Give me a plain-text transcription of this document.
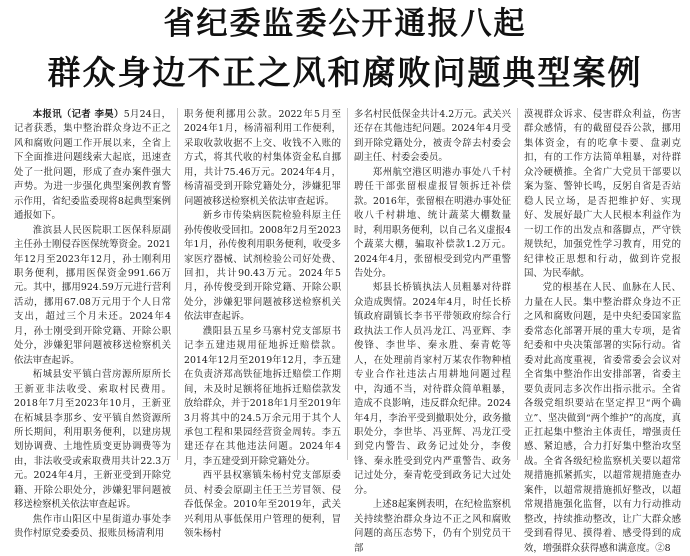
省纪委监委公开通报八起
群众身边不正之风和腐败问题典型案例

本报讯（记者 李昊）5月24日，记者获悉，集中整治群众身边不正之风和腐败问题工作开展以来，全省上下全面推进问题线索大起底，迅速查处了一批问题，形成了查办案件强大声势。为进一步强化典型案例教育警示作用，省纪委监委现将8起典型案例通报如下。

淮滨县人民医院职工医保科原副主任孙士刚侵吞医保统筹资金。2021年12月至2023年12月，孙士刚利用职务便利，挪用医保资金991.66万元。其中，挪用924.59万元进行营利活动，挪用67.08万元用于个人日常支出，超过三个月未还。2024年4月，孙士刚受到开除党籍、开除公职处分，涉嫌犯罪问题被移送检察机关依法审查起诉。

柘城县安平镇白营房源所原所长王新亚非法收受、索取村民费用。2018年7月至2023年10月，王新亚在柘城县李那乡、安平镇自然资源所所长期间，利用职务便利，以建房规划协调费、土地性质变更协调费等为由，非法收受或索取费用共计22.3万元。2024年4月，王新亚受到开除党籍、开除公职处分，涉嫌犯罪问题被移送检察机关依法审查起诉。

焦作市山阳区中星街道办事处李贵作村原党委委员、报账员杨清利用

职务便利挪用公款。2022年5月至2024年1月，杨清福利用工作便利，采取收款收据不上交、收钱不入账的方式，将其代收的村集体资金私自挪用，共计75.46万元。2024年4月，杨清福受到开除党籍处分，涉嫌犯罪问题被移送检察机关依法审查起诉。

新乡市传染病医院检验科原主任孙传俊收受回扣。2008年2月至2023年1月，孙传俊利用职务便利，收受多家医疗器械、试剂检验公司好处费、回扣，共计90.43万元。2024年5月，孙传俊受到开除党籍、开除公职处分，涉嫌犯罪问题被移送检察机关依法审查起诉。

濮阳县五星乡马寨村党支部原书记李五建违规用征地拆迁赔偿款。2014年12月至2019年12月，李五建在负责济郑高铁征地拆迁赔偿工作期间，未及时足额将征地拆迁赔偿款发放给群众，并于2018年1月至2019年3月将其中的24.5万余元用于其个人承包工程和果园经营资金周转。李五建还存在其他违法问题。2024年4月，李五建受到开除党籍处分。

西平县权寨镇朱杨村党支部原委员、村委会原副主任王兰芳冒领、侵吞低保金。2010年至2019年，武关兴利用从事低保用户管理的便利，冒领朱杨村

多名村民低保金共计4.2万元。武关兴还存在其他违纪问题。2024年4月受到开除党籍处分，被责令辞去村委会副主任、村委会委员。

郑州航空港区明港办事处八千村聘任干部张留根虚报冒领拆迁补偿款。2016年，张留根在明港办事处征收八千村耕地、统计蔬菜大棚数量时，利用职务便利，以自己名义虚报4个蔬菜大棚，骗取补偿款1.2万元。2024年4月，张留根受到党内严重警告处分。

郏县长桥镇执法人员粗暴对待群众造成舆情。2024年4月，时任长桥镇政府副镇长李书平带领政府综合行政执法工作人员冯龙江、冯亚辉、李俊锋、李世毕、秦永胜、秦青乾等人，在处理前肖家村万某农作物种植专业合作社违法占用耕地问题过程中，沟通不当，对待群众简单粗暴，造成不良影响，违反群众纪律。2024年4月，李治平受到撤职处分，政务撤职处分，李世毕、冯亚辉、冯龙江受到党内警告、政务记过处分，李俊锋、秦永胜受到党内严重警告、政务记过处分，秦青乾受到政务记大过处分。

上述8起案例表明，在纪检监察机关持续整治群众身边不正之风和腐败问题的高压态势下，仍有个别党员干部

漠视群众诉求、侵害群众利益，伤害群众感情，有的截留侵吞公款，挪用集体资金，有的吃拿卡要、盘剥克扣，有的工作方法简单粗暴，对待群众冷硬横推。全省广大党员干部要以案为鉴、警钟长鸣，反躬自省是否站稳人民立场，是否把维护好、实现好、发展好最广大人民根本利益作为一切工作的出发点和落脚点，严守铁规铁纪，加强党性学习教育，用党的纪律校正思想和行动，做到许党报国、为民奉献。

党的根基在人民、血脉在人民、力量在人民。集中整治群众身边不正之风和腐败问题，是中央纪委国家监委常态化部署开展的重大专项，是省纪委和中央决策部署的实际行动。省委对此高度重视，省委常委会会议对全省集中整治作出安排部署，省委主要负责同志多次作出指示批示。全省各级党组织要站在坚定捍卫“两个确立”、坚决做到“两个维护”的高度，真正扛起集中整治主体责任，增强责任感、紧迫感，合力打好集中整治攻坚战。全省各级纪检监察机关要以超常规措施抓紧抓实，以超常规措施查办案件，以超常规措施抓好整改，以超常规措施强化监督，以有力行动推动整改，持续推动整改，让广大群众感受到看得见、摸得着、感受得到的成效，增强群众获得感和满意度。②8
